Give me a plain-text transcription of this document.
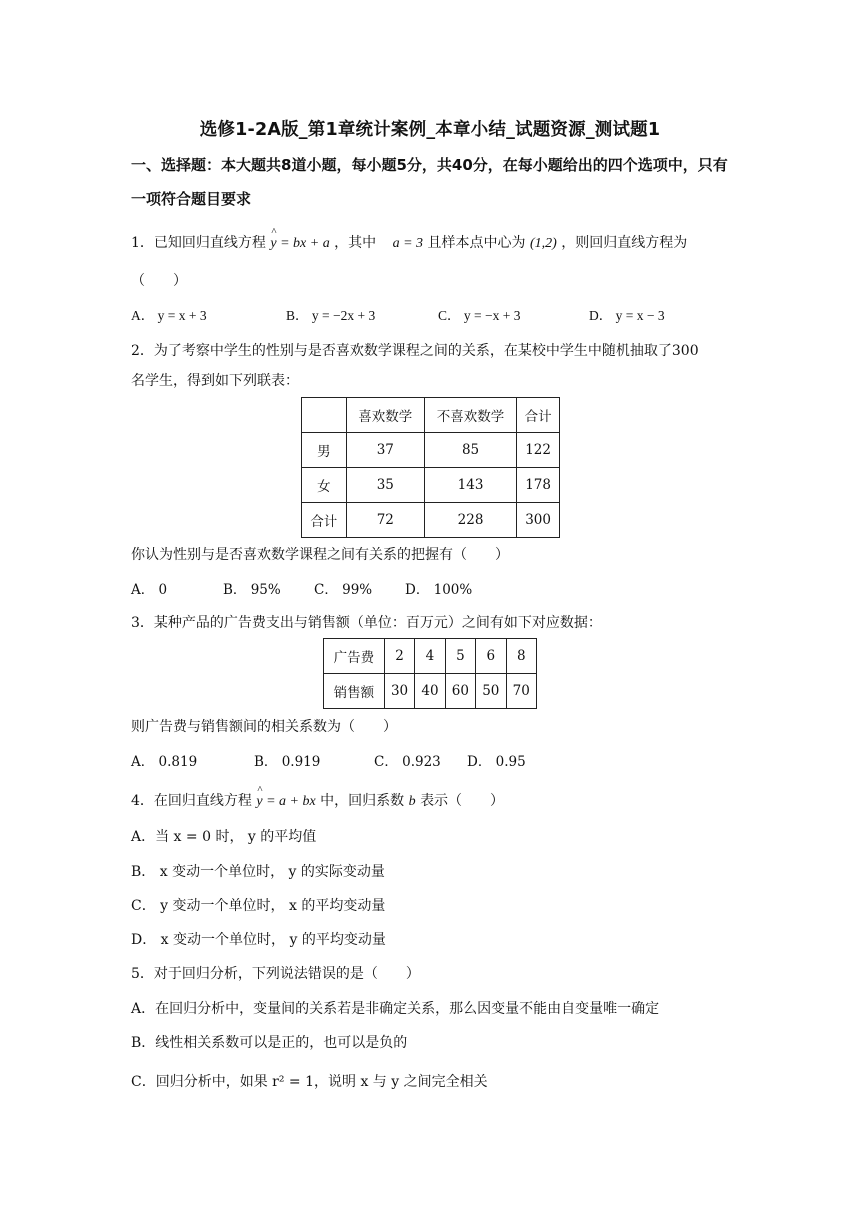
选修1-2A版_第1章统计案例_本章小结_试题资源_测试题1
一、选择题：本大题共8道小题，每小题5分，共40分，在每小题给出的四个选项中，只有一项符合题目要求
1．已知回归直线方程
^
y = bx + a ，其中 a = 3 且样本点中心为 (1,2) ，则回归直线方程为
（　　）
A． y = x + 3	B． y = −2x + 3	C． y = −x + 3	D． y = x − 3
2．为了考察中学生的性别与是否喜欢数学课程之间的关系，在某校中学生中随机抽取了300
名学生，得到如下列联表：
	喜欢数学	不喜欢数学	合计
男	37	85	122
女	35	143	178
合计	72	228	300
你认为性别与是否喜欢数学课程之间有关系的把握有（　　）
A． 0	B． 95% C． 99% D． 100%
3．某种产品的广告费支出与销售额（单位：百万元）之间有如下对应数据：
广告费	2	4	5	6	8
销售额	30	40	60	50	70
则广告费与销售额间的相关系数为（　　）
A． 0.819	B． 0.919	C． 0.923 D． 0.95
4．在回归直线方程
^
y = a + bx 中，回归系数 b 表示（　　）
A．当 x = 0 时， y 的平均值
B． x 变动一个单位时， y 的实际变动量
C． y 变动一个单位时， x 的平均变动量
D． x 变动一个单位时， y 的平均变动量
5．对于回归分析，下列说法错误的是（　　）
A．在回归分析中，变量间的关系若是非确定关系，那么因变量不能由自变量唯一确定
B．线性相关系数可以是正的，也可以是负的
C．回归分析中，如果 r² = 1，说明 x 与 y 之间完全相关
